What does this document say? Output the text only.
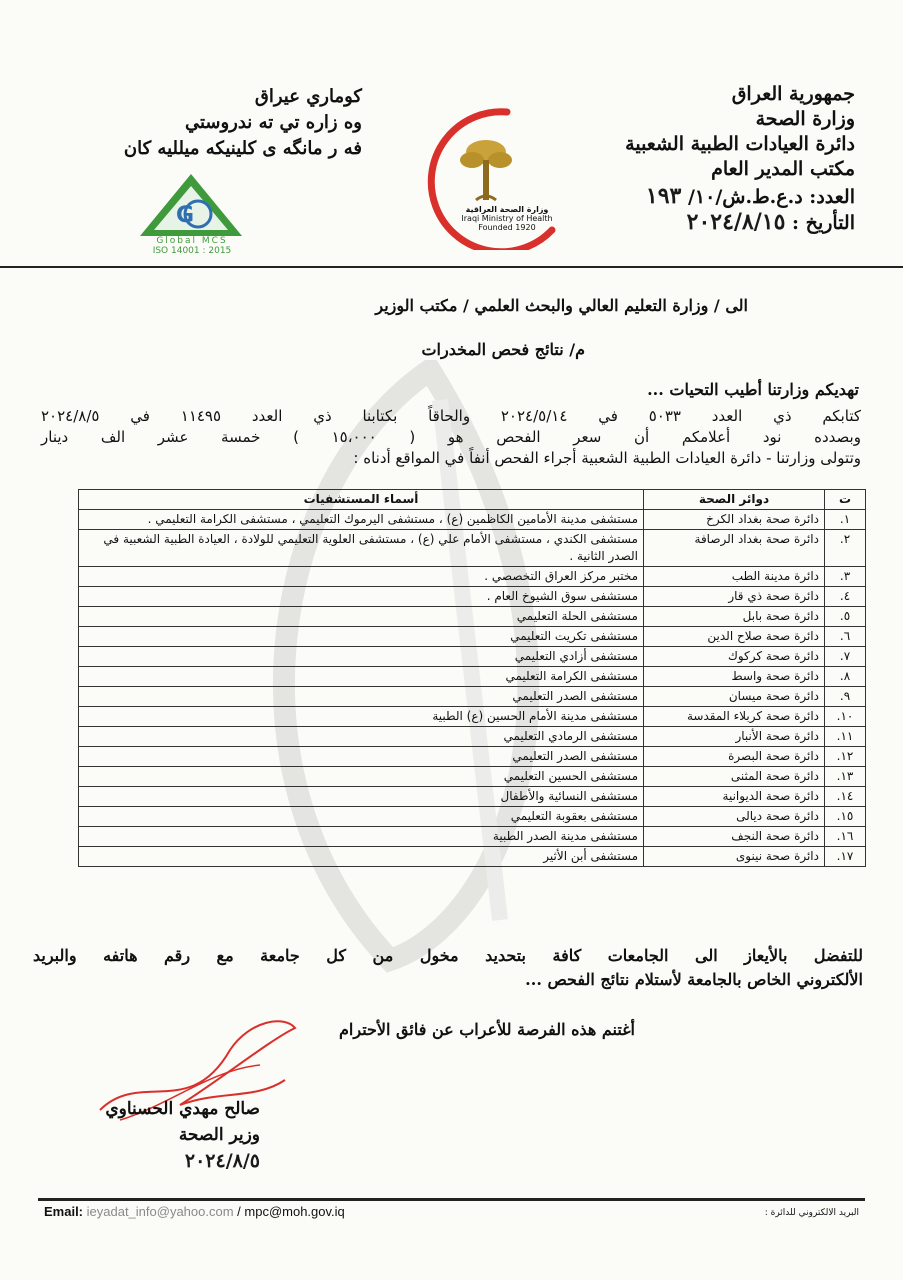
جمهورية العراق
وزارة الصحة
دائرة العيادات الطبية الشعبية
مكتب المدير العام
العدد: د.ع.ط.ش/١٠/ ١٩٣
التأريخ : ٢٠٢٤/٨/١٥
وزارة الصحة العراقية
Iraqi Ministry of Health
Founded 1920
كوماري عيراق
وه زاره تي ته ندروستي
فه ر مانگه ى كلينيكه ميلليه كان
G
Global MCS
ISO 14001 : 2015
الى / وزارة التعليم العالي والبحث العلمي / مكتب الوزير
م/ نتائج فحص المخدرات
تهديكم وزارتنا أطيب التحيات ...
كتابكم ذي العدد ٥٠٣٣ في ٢٠٢٤/٥/١٤ والحاقاً بكتابنا ذي العدد ١١٤٩٥ في ٢٠٢٤/٨/٥
وبصدده نود أعلامكم أن سعر الفحص هو ( ١٥،٠٠٠ ) خمسة عشر الف دينار
وتتولى وزارتنا - دائرة العيادات الطبية الشعبية أجراء الفحص أنفاً في المواقع أدناه :
ت	دوائر الصحة	أسماء المستشفيات
١.	دائرة صحة بغداد الكرخ	مستشفى مدينة الأمامين الكاظمين (ع) ، مستشفى اليرموك التعليمي ، مستشفى الكرامة التعليمي .
٢.	دائرة صحة بغداد الرصافة	مستشفى الكندي ، مستشفى الأمام علي (ع) ، مستشفى العلوية التعليمي للولادة ، العيادة الطبية الشعبية في الصدر الثانية .
٣.	دائرة مدينة الطب	مختبر مركز العراق التخصصي .
٤.	دائرة صحة ذي قار	مستشفى سوق الشيوخ العام .
٥.	دائرة صحة بابل	مستشفى الحلة التعليمي
٦.	دائرة صحة صلاح الدين	مستشفى تكريت التعليمي
٧.	دائرة صحة كركوك	مستشفى أزادي التعليمي
٨.	دائرة صحة واسط	مستشفى الكرامة التعليمي
٩.	دائرة صحة ميسان	مستشفى الصدر التعليمي
١٠.	دائرة صحة كربلاء المقدسة	مستشفى مدينة الأمام الحسين (ع) الطبية
١١.	دائرة صحة الأنبار	مستشفى الرمادي التعليمي
١٢.	دائرة صحة البصرة	مستشفى الصدر التعليمي
١٣.	دائرة صحة المثنى	مستشفى الحسين التعليمي
١٤.	دائرة صحة الديوانية	مستشفى النسائية والأطفال
١٥.	دائرة صحة ديالى	مستشفى بعقوبة التعليمي
١٦.	دائرة صحة النجف	مستشفى مدينة الصدر الطبية
١٧.	دائرة صحة نينوى	مستشفى أبن الأثير
للتفضل بالأيعاز الى الجامعات كافة بتحديد مخول من كل جامعة مع رقم هاتفه والبريد
الألكتروني الخاص بالجامعة لأستلام نتائج الفحص ...
أغتنم هذه الفرصة للأعراب عن فائق الأحترام
صالح مهدي الحسناوي
وزير الصحة
٢٠٢٤/٨/٥
Email: ieyadat_info@yahoo.com / mpc@moh.gov.iq	البريد الالكتروني للدائرة :
